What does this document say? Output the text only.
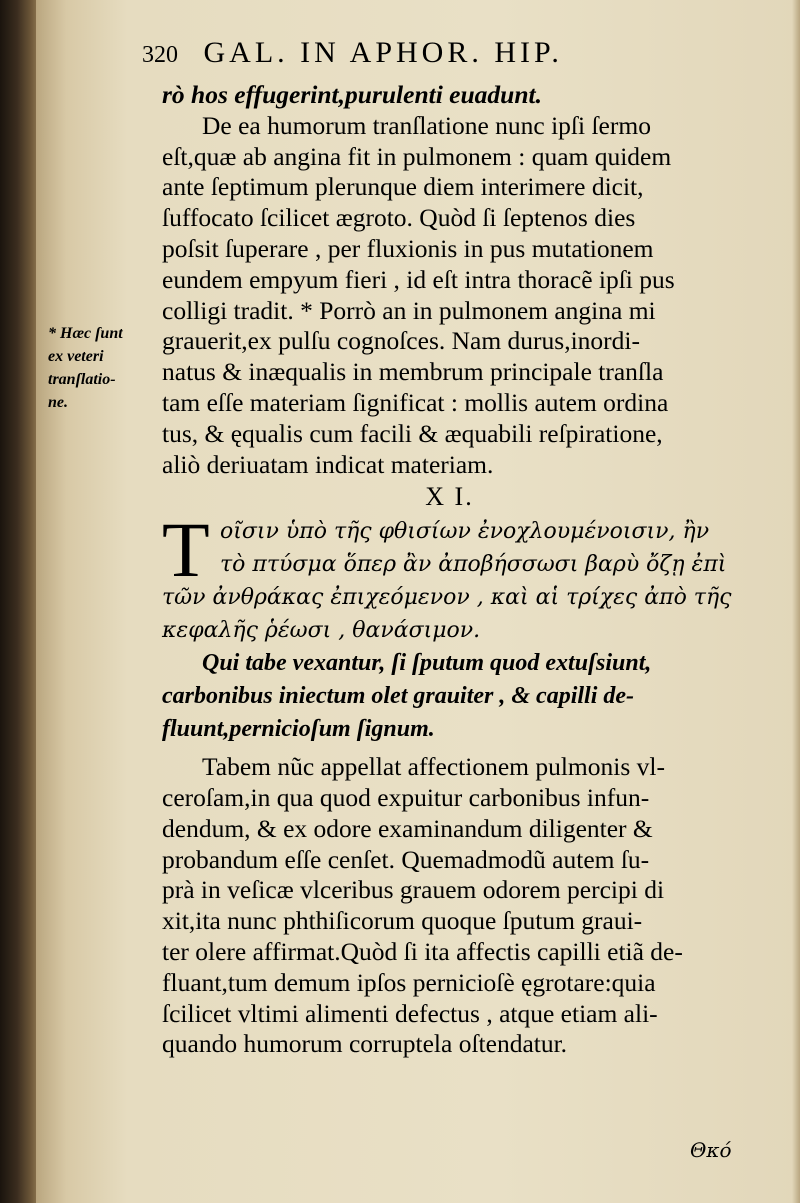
320 GAL. IN APHOR. HIP.
* Hæc ſunt
ex veteri
tranſlatio-
ne.
rò hos effugerint,purulenti euadunt.
De ea humorum tranſlatione nunc ipſi ſermo
eſt,quæ ab angina fit in pulmonem : quam quidem
ante ſeptimum plerunque diem interimere dicit,
ſuffocato ſcilicet ægroto. Quòd ſi ſeptenos dies
poſsit ſuperare , per fluxionis in pus mutationem
eundem empyum fieri , id eſt intra thoracẽ ipſi pus
colligi tradit. * Porrò an in pulmonem angina mi
grauerit,ex pulſu cognoſces. Nam durus,inordi-
natus & inæqualis in membrum principale tranſla
tam eſſe materiam ſignificat : mollis autem ordina
tus, & ęqualis cum facili & æquabili reſpiratione,
aliò deriuatam indicat materiam.
X I.
T οῖσιν ὑπὸ τῆς φθισίων ἐνοχλουμένοισιν, ἢν
τὸ πτύσμα ὅπερ ἂν ἀποβήσσωσι βαρὺ ὄζῃ ἐπὶ
τῶν ἀνθράκας ἐπιχεόμενον , καὶ αἱ τρίχες ἀπὸ τῆς
κεφαλῆς ῥέωσι , θανάσιμον.
Qui tabe vexantur, ſi ſputum quod extuſsiunt,
carbonibus iniectum olet grauiter , & capilli de-
fluunt,pernicioſum ſignum.
Tabem nũc appellat affectionem pulmonis vl-
ceroſam,in qua quod expuitur carbonibus infun-
dendum, & ex odore examinandum diligenter &
probandum eſſe cenſet. Quemadmodũ autem ſu-
prà in veſicæ vlceribus grauem odorem percipi di
xit,ita nunc phthiſicorum quoque ſputum graui-
ter olere affirmat.Quòd ſi ita affectis capilli etiã de-
fluant,tum demum ipſos pernicioſè ęgrotare:quia
ſcilicet vltimi alimenti defectus , atque etiam ali-
quando humorum corruptela oſtendatur.
Θκό
